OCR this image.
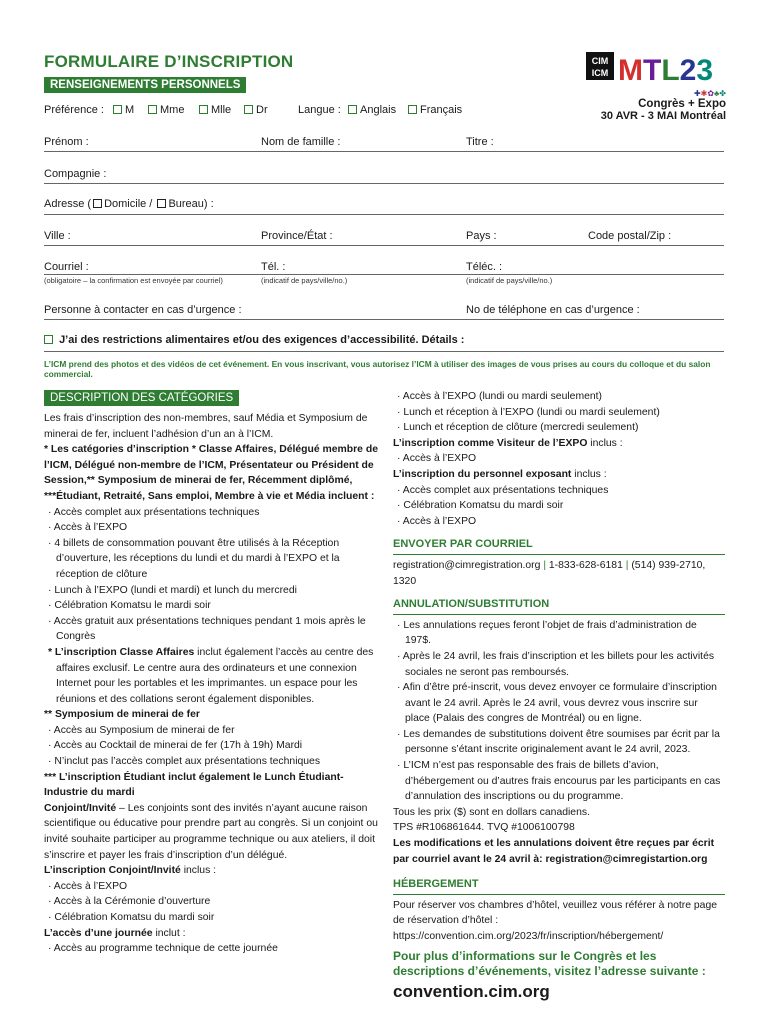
FORMULAIRE D’INSCRIPTION
RENSEIGNEMENTS PERSONNELS
CIM
ICM MTL23
✚✱✿♣✤
Congrès + Expo
30 AVR - 3 MAI Montréal
Préférence :	M	Mme	Mlle	Dr	Langue :	Anglais	Français
Prénom :	Nom de famille :	Titre :
Compagnie :
Adresse ( Domicile / Bureau) :
Ville :	Province/État :	Pays :	Code postal/Zip :
Courriel :	Tél. :	Téléc. :
(obligatoire – la confirmation est envoyée par courriel)	(indicatif de pays/ville/no.)	(indicatif de pays/ville/no.)
Personne à contacter en cas d’urgence :	No de téléphone en cas d’urgence :
J’ai des restrictions alimentaires et/ou des exigences d’accessibilité. Détails :
L’ICM prend des photos et des vidéos de cet événement. En vous inscrivant, vous autorisez l’ICM à utiliser des images de vous prises au cours du colloque et du salon commercial.
DESCRIPTION DES CATÉGORIES

Les frais d’inscription des non-membres, sauf Média et Symposium de minerai de fer, incluent l’adhésion d’un an à l’ICM.

* Les catégories d’inscription * Classe Affaires, Délégué membre de l’ICM, Délégué non-membre de l’ICM, Présentateur ou Président de Session,** Symposium de minerai de fer, Récemment diplômé, ***Étudiant, Retraité, Sans emploi, Membre à vie et Média incluent :

· Accès complet aux présentations techniques

· Accès à l’EXPO

· 4 billets de consommation pouvant être utilisés à la Réception d’ouverture, les réceptions du lundi et du mardi à l’EXPO et la réception de clôture

· Lunch à l’EXPO (lundi et mardi) et lunch du mercredi

· Célébration Komatsu le mardi soir

· Accès gratuit aux présentations techniques pendant 1 mois après le Congrès

* L’inscription Classe Affaires inclut également l’accès au centre des affaires exclusif. Le centre aura des ordinateurs et une connexion Internet pour les portables et les imprimantes. un espace pour les réunions et des collations seront également disponibles.

** Symposium de minerai de fer

· Accès au Symposium de minerai de fer

· Accès au Cocktail de minerai de fer (17h à 19h) Mardi

· N’inclut pas l’accès complet aux présentations techniques

*** L’inscription Étudiant inclut également le Lunch Étudiant-Industrie du mardi

Conjoint/Invité – Les conjoints sont des invités n’ayant aucune raison scientifique ou éducative pour prendre part au congrès. Si un conjoint ou invité souhaite participer au programme technique ou aux ateliers, il doit s’inscrire et payer les frais d’inscription d’un délégué.

L’inscription Conjoint/Invité inclus :

· Accès à l’EXPO

· Accès à la Cérémonie d’ouverture

· Célébration Komatsu du mardi soir

L’accès d’une journée inclut :

· Accès au programme technique de cette journée

· Accès à l’EXPO (lundi ou mardi seulement)

· Lunch et réception à l’EXPO (lundi ou mardi seulement)

· Lunch et réception de clôture (mercredi seulement)

L’inscription comme Visiteur de l’EXPO inclus :

· Accès à l’EXPO

L’inscription du personnel exposant inclus :

· Accès complet aux présentations techniques

· Célébration Komatsu du mardi soir

· Accès à l’EXPO

ENVOYER PAR COURRIEL

registration@cimregistration.org | 1-833-628-6181 | (514) 939-2710, 1320

ANNULATION/SUBSTITUTION

· Les annulations reçues feront l’objet de frais d’administration de 197$.

· Après le 24 avril, les frais d’inscription et les billets pour les activités sociales ne seront pas remboursés.

· Afin d’être pré-inscrit, vous devez envoyer ce formulaire d’inscription avant le 24 avril. Après le 24 avril, vous devrez vous inscrire sur place (Palais des congres de Montréal) ou en ligne.

· Les demandes de substitutions doivent être soumises par écrit par la personne s’étant inscrite originalement avant le 24 avril, 2023.

· L’ICM n’est pas responsable des frais de billets d’avion, d’hébergement ou d’autres frais encourus par les participants en cas d’annulation des inscriptions ou du programme.

Tous les prix ($) sont en dollars canadiens.

TPS #R106861644. TVQ #1006100798

Les modifications et les annulations doivent être reçues par écrit par courriel avant le 24 avril à: registration@cimregistartion.org

HÉBERGEMENT

Pour réserver vos chambres d’hôtel, veuillez vous référer à notre page de réservation d’hôtel : https://convention.cim.org/2023/fr/inscription/hébergement/

Pour plus d’informations sur le Congrès et les descriptions d’événements, visitez l’adresse suivante :

convention.cim.org
